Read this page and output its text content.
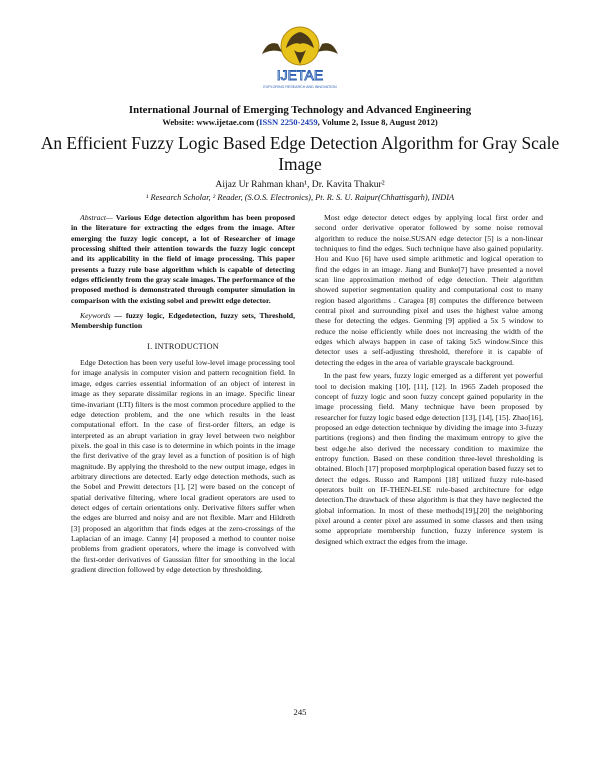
IJETAE
EXPLORING RESEARCH AND INNOVATION
International Journal of Emerging Technology and Advanced Engineering
Website: www.ijetae.com (ISSN 2250-2459, Volume 2, Issue 8, August 2012)
An Efficient Fuzzy Logic Based Edge Detection Algorithm for Gray Scale Image
Aijaz Ur Rahman khan¹, Dr. Kavita Thakur²
¹ Research Scholar, ² Reader, (S.O.S. Electronics), Pt. R. S. U. Raipur(Chhattisgarh), INDIA

Abstract— Various Edge detection algorithm has been proposed in the literature for extracting the edges from the image. After emerging the fuzzy logic concept, a lot of Researcher of image processing shifted their attention towards the fuzzy logic concept and its applicability in the field of image processing. This paper presents a fuzzy rule base algorithm which is capable of detecting edges efficiently from the gray scale images. The performance of the proposed method is demonstrated through computer simulation in comparison with the existing sobel and prewitt edge detector.

Keywords — fuzzy logic, Edgedetection, fuzzy sets, Threshold, Membership function

I. INTRODUCTION

Edge Detection has been very useful low-level image processing tool for image analysis in computer vision and pattern recognition field. In image, edges carries essential information of an object of interest in image as they separate dissimilar regions in an image. Specific linear time-invariant (LTI) filters is the most common procedure applied to the edge detection problem, and the one which results in the least computational effort. In the case of first-order filters, an edge is interpreted as an abrupt variation in gray level between two neighbor pixels. the goal in this case is to determine in which points in the image the first derivative of the gray level as a function of position is of high magnitude. By applying the threshold to the new output image, edges in arbitrary directions are detected. Early edge detection methods, such as the Sobel and Prewitt detectors [1], [2] were based on the concept of spatial derivative filtering, where local gradient operators are used to detect edges of certain orientations only. Derivative filters suffer when the edges are blurred and noisy and are not flexible. Marr and Hildreth [3] proposed an algorithm that finds edges at the zero-crossings of the Laplacian of an image. Canny [4] proposed a method to counter noise problems from gradient operators, where the image is convolved with the first-order derivatives of Gaussian filter for smoothing in the local gradient direction followed by edge detection by thresholding.

Most edge detector detect edges by applying local first order and second order derivative operator followed by some noise removal algorithm to reduce the noise.SUSAN edge detector [5] is a non-linear techniques to find the edges. Such technique have also gained popularity. Hou and Kuo [6] have used simple arithmetic and logical operation to find the edges in an image. Jiang and Bunke[7] have presented a novel scan line approximation method of edge detection. Their algorithm showed superior segmentation quality and computational cost to many region based algorithms . Caragea [8] computes the difference between central pixel and surrounding pixel and uses the highest value among these for detecting the edges. Genming [9] applied a 5x 5 window to reduce the noise efficiently while does not increasing the width of the edges which always happen in case of taking 5x5 window.Since this detector uses a self-adjusting threshold, therefore it is capable of detecting the edges in the area of variable grayscale background.

In the past few years, fuzzy logic emerged as a different yet powerful tool to decision making [10], [11], [12]. In 1965 Zadeh proposed the concept of fuzzy logic and soon fuzzy concept gained popularity in the image processing field. Many technique have been proposed by researcher for fuzzy logic based edge detection [13], [14], [15]. Zhao[16], proposed an edge detection technique by dividing the image into 3-fuzzy partitions (regions) and then finding the maximum entropy to give the best edge.he also derived the necessary condition to maximize the entropy function. Based on these condition three-level thresholding is obtained. Bloch [17] proposed morphplogical operation based fuzzy set to detect the edges. Russo and Ramponi [18] utilized fuzzy rule-based operators built on IF-THEN-ELSE rule-based architecture for edge detection.The drawback of these algorithm is that they have neglected the global information. In most of these methods[19],[20] the neighboring pixel around a center pixel are assumed in some classes and then using some appropriate membership function, fuzzy inference system is designed which extract the edges from the image.

245
